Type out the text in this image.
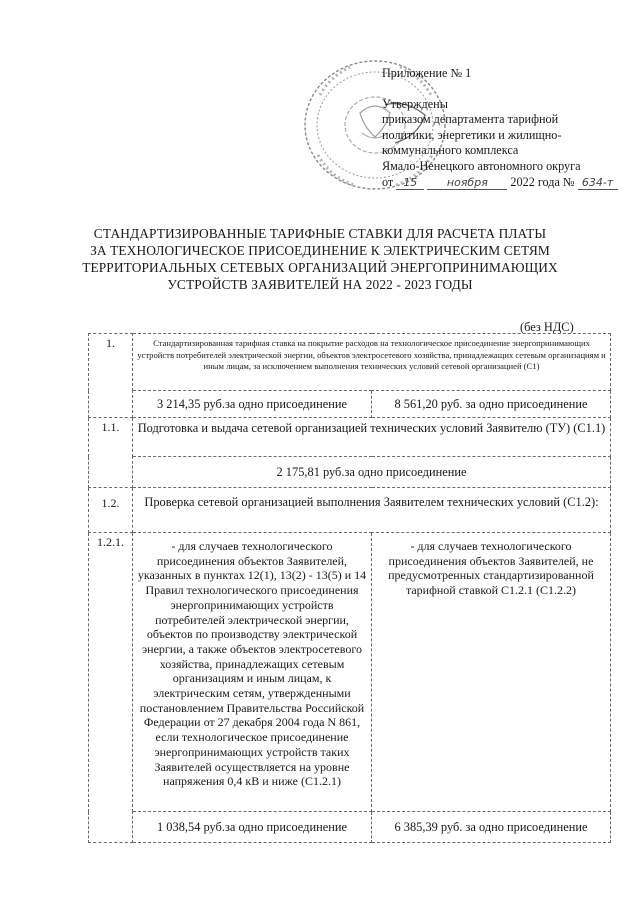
Приложение № 1
Утверждены
приказом департамента тарифной
политики, энергетики и жилищно-
коммунального комплекса
Ямало-Ненецкого автономного округа
от 15	ноября 2022 года № 634-т
СТАНДАРТИЗИРОВАННЫЕ ТАРИФНЫЕ СТАВКИ ДЛЯ РАСЧЕТА ПЛАТЫ
ЗА ТЕХНОЛОГИЧЕСКОЕ ПРИСОЕДИНЕНИЕ К ЭЛЕКТРИЧЕСКИМ СЕТЯМ
ТЕРРИТОРИАЛЬНЫХ СЕТЕВЫХ ОРГАНИЗАЦИЙ ЭНЕРГОПРИНИМАЮЩИХ
УСТРОЙСТВ ЗАЯВИТЕЛЕЙ НА 2022 - 2023 ГОДЫ
(без НДС)
1.	Стандартизированная тарифная ставка на покрытие расходов на технологическое присоединение энергопринимающих устройств потребителей электрической энергии, объектов электросетевого хозяйства, принадлежащих сетевым организациям и иным лицам, за исключением выполнения технических условий сетевой организацией (С1)	
	3 214,35 руб.за одно присоединение	8 561,20 руб. за одно присоединение
1.1.	Подготовка и выдача сетевой организацией технических условий Заявителю (ТУ) (С1.1)	
	2 175,81 руб.за одно присоединение	
1.2.	Проверка сетевой организацией выполнения Заявителем технических условий (С1.2):	
1.2.1.	- для случаев технологического присоединения объектов Заявителей, указанных в пунктах 12(1), 13(2) - 13(5) и 14 Правил технологического присоединения энергопринимающих устройств потребителей электрической энергии, объектов по производству электрической энергии, а также объектов электросетевого хозяйства, принадлежащих сетевым организациям и иным лицам, к электрическим сетям, утвержденными постановлением Правительства Российской Федерации от 27 декабря 2004 года N 861, если технологическое присоединение энергопринимающих устройств таких Заявителей осуществляется на уровне напряжения 0,4 кВ и ниже (С1.2.1)	- для случаев технологического присоединения объектов Заявителей, не предусмотренных стандартизированной тарифной ставкой С1.2.1 (С1.2.2)
	1 038,54 руб.за одно присоединение	6 385,39 руб. за одно присоединение
